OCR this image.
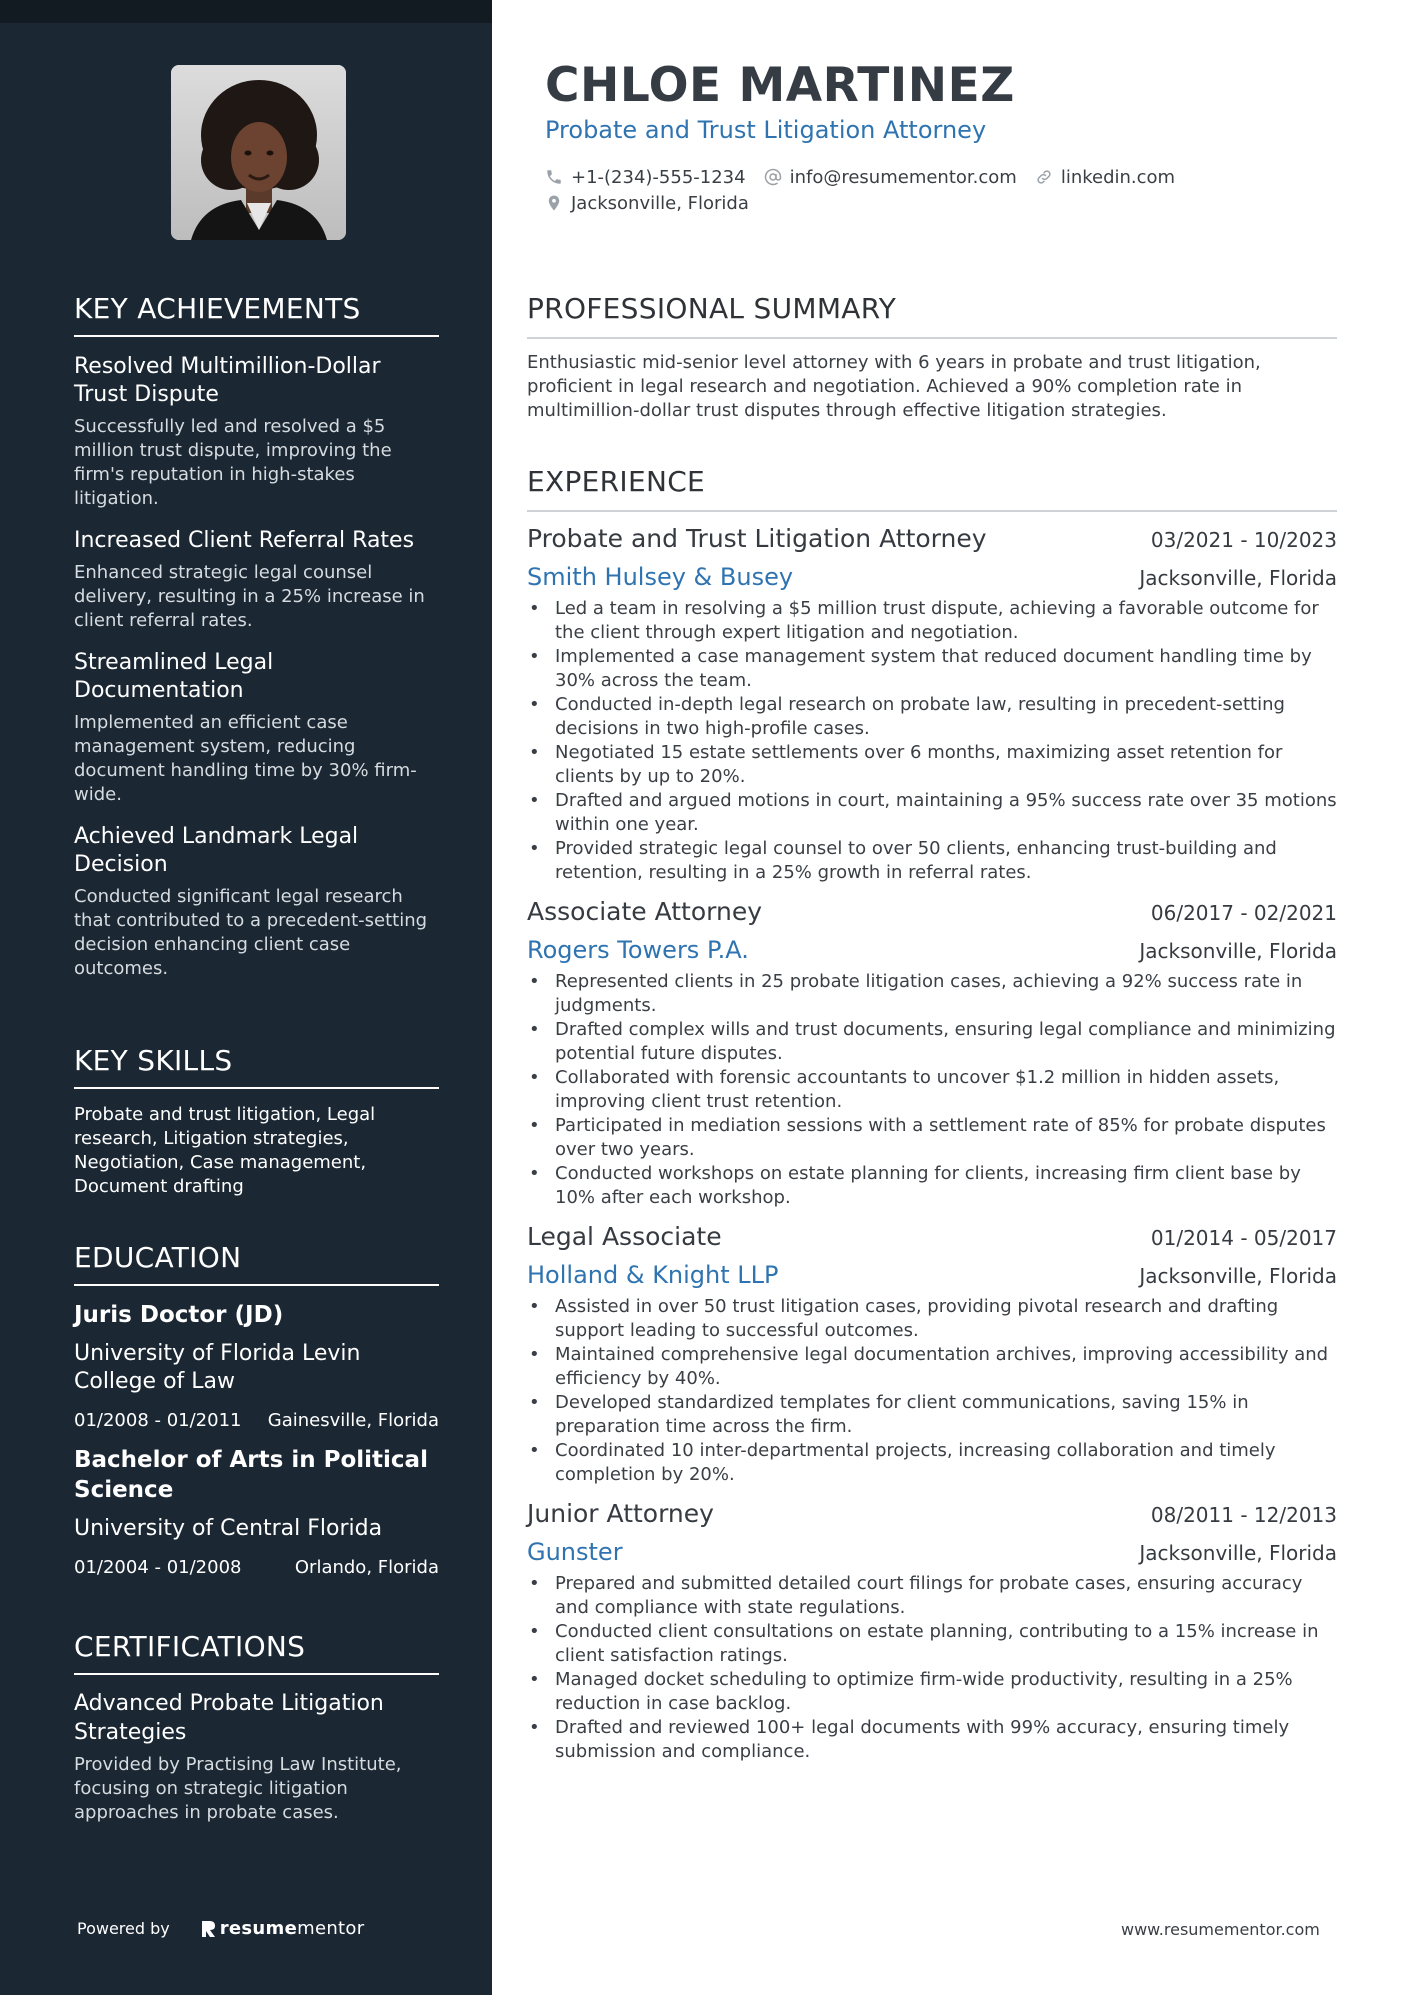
KEY ACHIEVEMENTS
Resolved Multimillion-Dollar Trust Dispute
Successfully led and resolved a $5 million trust dispute, improving the firm's reputation in high-stakes litigation.
Increased Client Referral Rates
Enhanced strategic legal counsel delivery, resulting in a 25% increase in client referral rates.
Streamlined Legal Documentation
Implemented an efficient case management system, reducing document handling time by 30% firm-wide.
Achieved Landmark Legal Decision
Conducted significant legal research that contributed to a precedent-setting decision enhancing client case outcomes.
KEY SKILLS
Probate and trust litigation, Legal research, Litigation strategies, Negotiation, Case management, Document drafting
EDUCATION
Juris Doctor (JD)
University of Florida Levin College of Law
01/2008 - 01/2011 Gainesville, Florida
Bachelor of Arts in Political Science
University of Central Florida
01/2004 - 01/2008	Orlando, Florida
CERTIFICATIONS
Advanced Probate Litigation Strategies
Provided by Practising Law Institute, focusing on strategic litigation approaches in probate cases.
Powered by	resume mentor
CHLOE MARTINEZ
Probate and Trust Litigation Attorney
+1-(234)-555-1234 info@resumementor.com linkedin.com
Jacksonville, Florida
PROFESSIONAL SUMMARY
Enthusiastic mid-senior level attorney with 6 years in probate and trust litigation, proficient in legal research and negotiation. Achieved a 90% completion rate in multimillion-dollar trust disputes through effective litigation strategies.
EXPERIENCE
Probate and Trust Litigation Attorney	03/2021 - 10/2023
Smith Hulsey & Busey	Jacksonville, Florida
• Led a team in resolving a $5 million trust dispute, achieving a favorable outcome for the client through expert litigation and negotiation.
• Implemented a case management system that reduced document handling time by 30% across the team.
• Conducted in-depth legal research on probate law, resulting in precedent-setting decisions in two high-profile cases.
• Negotiated 15 estate settlements over 6 months, maximizing asset retention for clients by up to 20%.
• Drafted and argued motions in court, maintaining a 95% success rate over 35 motions within one year.
• Provided strategic legal counsel to over 50 clients, enhancing trust-building and retention, resulting in a 25% growth in referral rates.
Associate Attorney	06/2017 - 02/2021
Rogers Towers P.A.	Jacksonville, Florida
• Represented clients in 25 probate litigation cases, achieving a 92% success rate in judgments.
• Drafted complex wills and trust documents, ensuring legal compliance and minimizing potential future disputes.
• Collaborated with forensic accountants to uncover $1.2 million in hidden assets, improving client trust retention.
• Participated in mediation sessions with a settlement rate of 85% for probate disputes over two years.
• Conducted workshops on estate planning for clients, increasing firm client base by 10% after each workshop.
Legal Associate	01/2014 - 05/2017
Holland & Knight LLP	Jacksonville, Florida
• Assisted in over 50 trust litigation cases, providing pivotal research and drafting support leading to successful outcomes.
• Maintained comprehensive legal documentation archives, improving accessibility and efficiency by 40%.
• Developed standardized templates for client communications, saving 15% in preparation time across the firm.
• Coordinated 10 inter-departmental projects, increasing collaboration and timely completion by 20%.
Junior Attorney	08/2011 - 12/2013
Gunster	Jacksonville, Florida
• Prepared and submitted detailed court filings for probate cases, ensuring accuracy and compliance with state regulations.
• Conducted client consultations on estate planning, contributing to a 15% increase in client satisfaction ratings.
• Managed docket scheduling to optimize firm-wide productivity, resulting in a 25% reduction in case backlog.
• Drafted and reviewed 100+ legal documents with 99% accuracy, ensuring timely submission and compliance.
www.resumementor.com
